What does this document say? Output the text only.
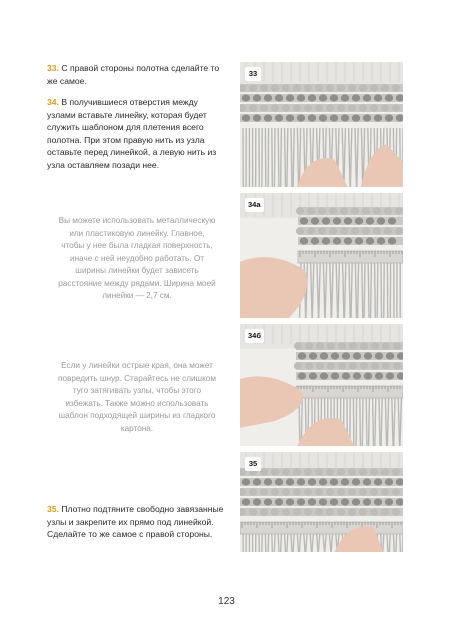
33. С правой стороны полотна сделайте то же самое.
34. В получившиеся отверстия между узлами вставьте линейку, которая будет служить шаблоном для плетения всего полотна. При этом правую нить из узла оставьте перед линейкой, а левую нить из узла оставляем позади нее.
Вы можете использовать металлическую или пластиковую линейку. Главное, чтобы у нее была гладкая поверхность, иначе с ней неудобно работать. От ширины линейки будет зависеть расстояние между рядами. Ширина моей линейки — 2,7 см.
Если у линейки острые края, она может повредить шнур. Старайтесь не слишком туго затягивать узлы, чтобы этого избежать. Также можно использовать шаблон подходящей ширины из гладкого картона.
35. Плотно подтяните свободно завязанные узлы и закрепите их прямо под линейкой. Сделайте то же самое с правой стороны.
33
34а
34б
35
123
